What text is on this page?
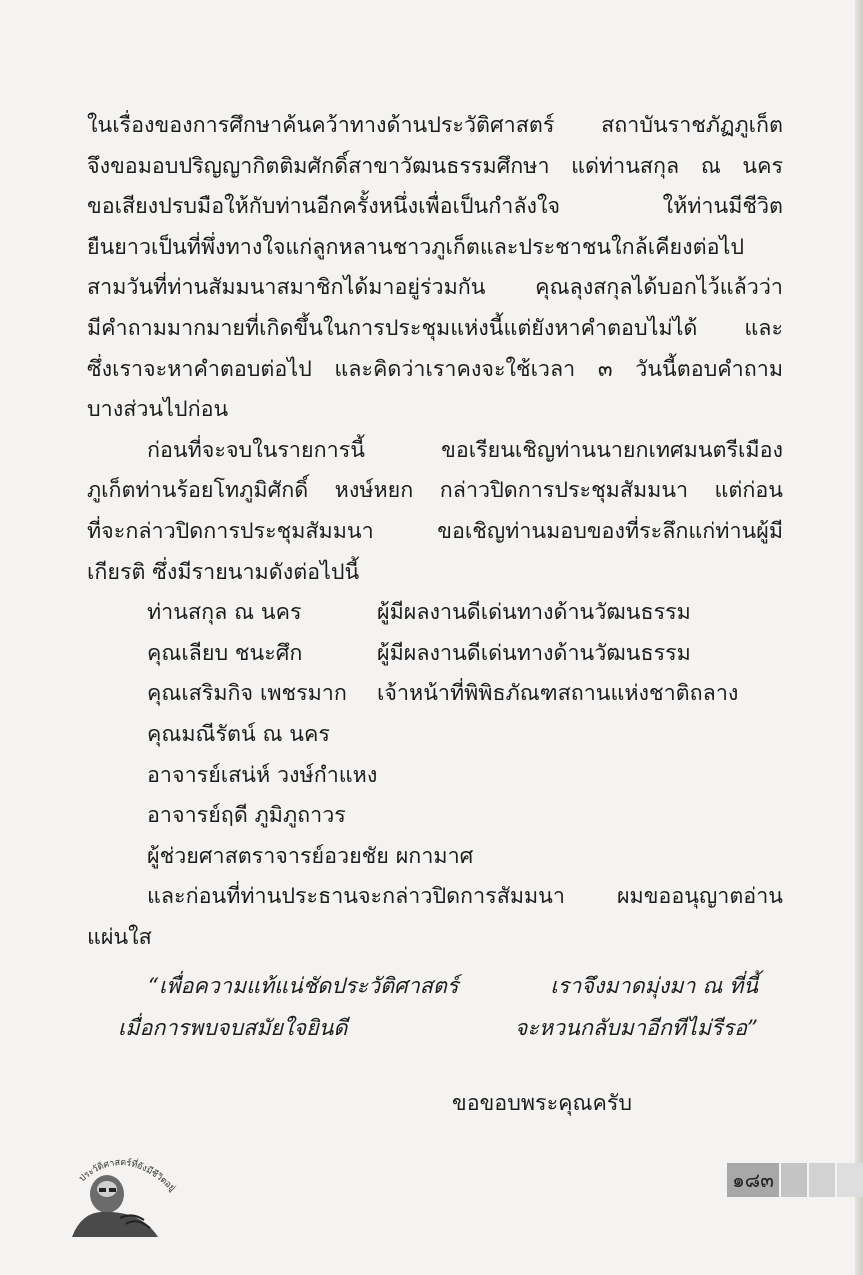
ในเรื่องของการศึกษาค้นคว้าทางด้านประวัติศาสตร์ สถาบันราชภัฏภูเก็ต
จึงขอมอบปริญญากิตติมศักดิ์สาขาวัฒนธรรมศึกษา แด่ท่านสกุล ณ นคร
ขอเสียงปรบมือให้กับท่านอีกครั้งหนึ่งเพื่อเป็นกำลังใจ ให้ท่านมีชีวิต
ยืนยาวเป็นที่พึ่งทางใจแก่ลูกหลานชาวภูเก็ตและประชาชนใกล้เคียงต่อไป
สามวันที่ท่านสัมมนาสมาชิกได้มาอยู่ร่วมกัน คุณลุงสกุลได้บอกไว้แล้วว่า
มีคำถามมากมายที่เกิดขึ้นในการประชุมแห่งนี้แต่ยังหาคำตอบไม่ได้ และ
ซึ่งเราจะหาคำตอบต่อไป และคิดว่าเราคงจะใช้เวลา ๓ วันนี้ตอบคำถาม
บางส่วนไปก่อน
ก่อนที่จะจบในรายการนี้ ขอเรียนเชิญท่านนายกเทศมนตรีเมือง
ภูเก็ตท่านร้อยโทภูมิศักดิ์ หงษ์หยก กล่าวปิดการประชุมสัมมนา แต่ก่อน
ที่จะกล่าวปิดการประชุมสัมมนา ขอเชิญท่านมอบของที่ระลึกแก่ท่านผู้มี
เกียรติ ซึ่งมีรายนามดังต่อไปนี้
ท่านสกุล ณ นคร	ผู้มีผลงานดีเด่นทางด้านวัฒนธรรม
คุณเลียบ ชนะศึก	ผู้มีผลงานดีเด่นทางด้านวัฒนธรรม
คุณเสริมกิจ เพชรมาก	เจ้าหน้าที่พิพิธภัณฑสถานแห่งชาติถลาง
คุณมณีรัตน์ ณ นคร
อาจารย์เสน่ห์ วงษ์กำแหง
อาจารย์ฤดี ภูมิภูถาวร
ผู้ช่วยศาสตราจารย์อวยชัย ผกามาศ
และก่อนที่ท่านประธานจะกล่าวปิดการสัมมนา ผมขออนุญาตอ่าน
แผ่นใส
“เพื่อความแท้แน่ชัดประวัติศาสตร์	เราจึงมาดมุ่งมา ณ ที่นี้
เมื่อการพบจบสมัยใจยินดี	จะหวนกลับมาอีกทีไม่รีรอ”
ขอขอบพระคุณครับ
ประวัติศาสตร์ที่ยังมีชีวิตอยู่	๑๘๓
